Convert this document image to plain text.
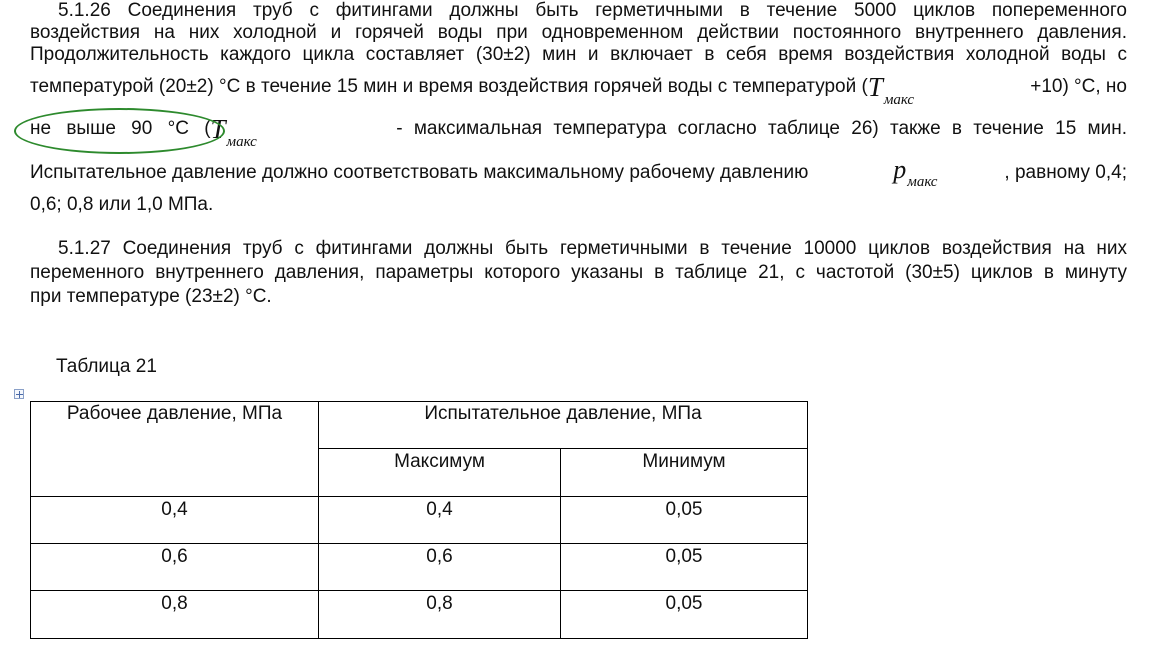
5.1.26 Соединения труб с фитингами должны быть герметичными в течение 5000 циклов попеременного
воздействия на них холодной и горячей воды при одновременном действии постоянного внутреннего давления.
Продолжительность каждого цикла составляет (30±2) мин и включает в себя время воздействия холодной воды с
температурой (20±2) °С в течение 15 мин и время воздействия горячей воды с температурой ($T_{макс}$
+10) °С, но
не выше 90 °С ($T_{макс}$
- максимальная температура согласно таблице 26) также в течение 15 мин.
Испытательное давление должно соответствовать максимальному рабочему давлению	$p_{макс}$	, равному 0,4;
0,6; 0,8 или 1,0 МПа.
5.1.27 Соединения труб с фитингами должны быть герметичными в течение 10000 циклов воздействия на них
переменного внутреннего давления, параметры которого указаны в таблице 21, с частотой (30±5) циклов в минуту
при температуре (23±2) °С.
Таблица 21
Рабочее давление, МПа	Испытательное давление, МПа	
	Максимум	Минимум
0,4	0,4	0,05
0,6	0,6	0,05
0,8	0,8	0,05
